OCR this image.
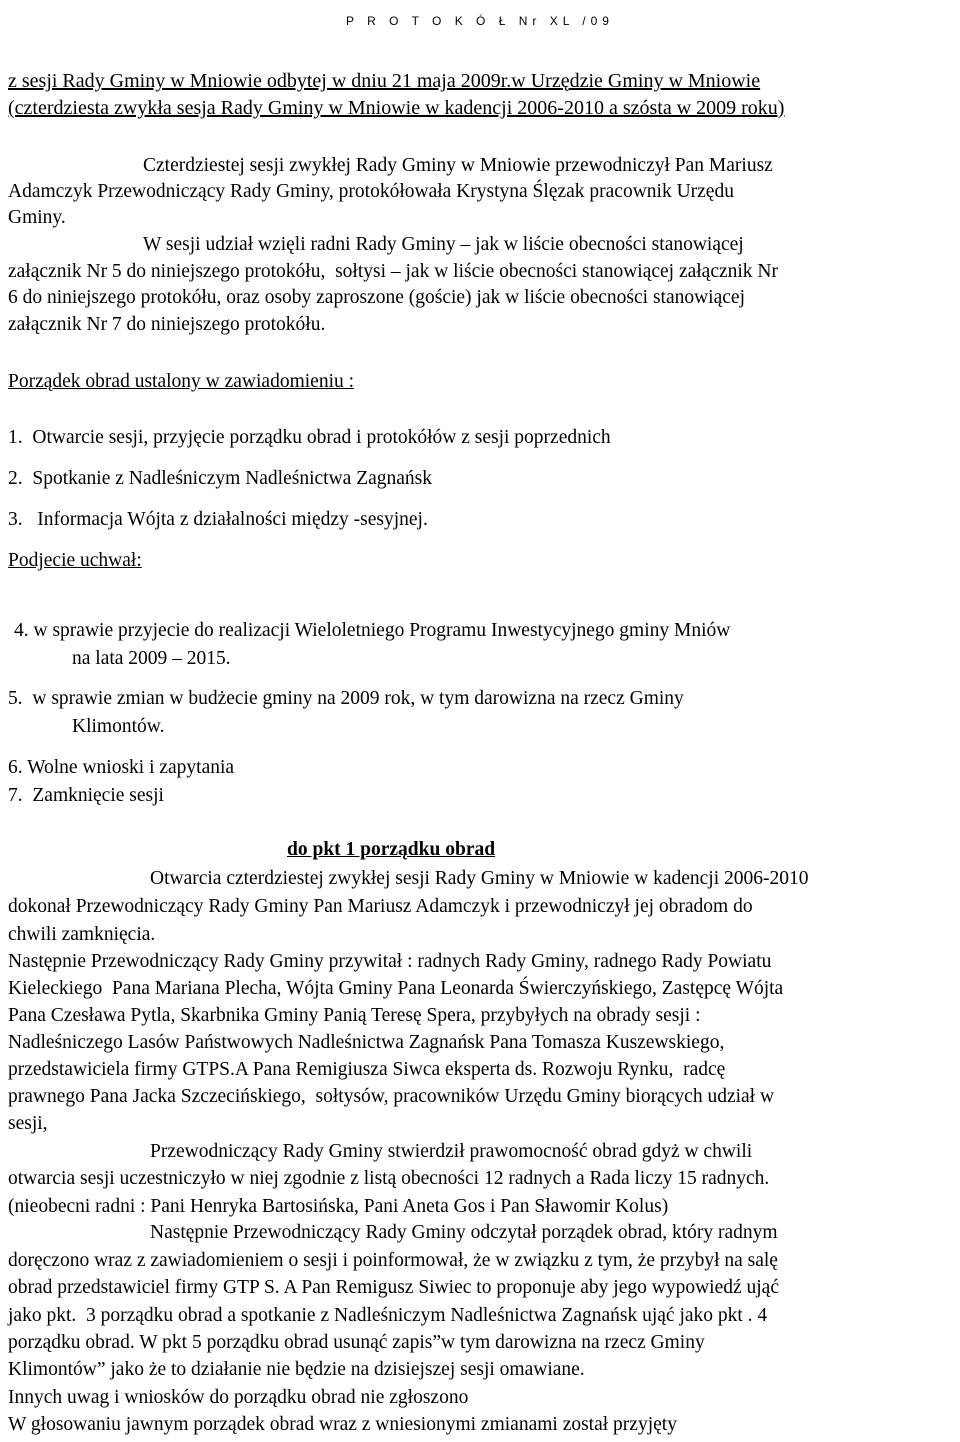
P R O T O K Ó Ł Nr XL /09
z sesji Rady Gminy w Mniowie odbytej w dniu 21 maja 2009r.w Urzędzie Gminy w Mniowie
(czterdziesta zwykła sesja Rady Gminy w Mniowie w kadencji 2006-2010 a szósta w 2009 roku)
Czterdziestej sesji zwykłej Rady Gminy w Mniowie przewodniczył Pan Mariusz
Adamczyk Przewodniczący Rady Gminy, protokółowała Krystyna Ślęzak pracownik Urzędu
Gminy.
W sesji udział wzięli radni Rady Gminy – jak w liście obecności stanowiącej
załącznik Nr 5 do niniejszego protokółu,  sołtysi – jak w liście obecności stanowiącej załącznik Nr
6 do niniejszego protokółu, oraz osoby zaproszone (goście) jak w liście obecności stanowiącej
załącznik Nr 7 do niniejszego protokółu.
Porządek obrad ustalony w zawiadomieniu :
1.  Otwarcie sesji, przyjęcie porządku obrad i protokółów z sesji poprzednich
2.  Spotkanie z Nadleśniczym Nadleśnictwa Zagnańsk
3.   Informacja Wójta z działalności między -sesyjnej.
Podjecie uchwał:
4. w sprawie przyjecie do realizacji Wieloletniego Programu Inwestycyjnego gminy Mniów
na lata 2009 – 2015.
5.  w sprawie zmian w budżecie gminy na 2009 rok, w tym darowizna na rzecz Gminy
Klimontów.
6. Wolne wnioski i zapytania
7.  Zamknięcie sesji
do pkt 1 porządku obrad
Otwarcia czterdziestej zwykłej sesji Rady Gminy w Mniowie w kadencji 2006-2010
dokonał Przewodniczący Rady Gminy Pan Mariusz Adamczyk i przewodniczył jej obradom do
chwili zamknięcia.
Następnie Przewodniczący Rady Gminy przywitał : radnych Rady Gminy, radnego Rady Powiatu
Kieleckiego  Pana Mariana Plecha, Wójta Gminy Pana Leonarda Świerczyńskiego, Zastępcę Wójta
Pana Czesława Pytla, Skarbnika Gminy Panią Teresę Spera, przybyłych na obrady sesji :
Nadleśniczego Lasów Państwowych Nadleśnictwa Zagnańsk Pana Tomasza Kuszewskiego,
przedstawiciela firmy GTPS.A Pana Remigiusza Siwca eksperta ds. Rozwoju Rynku,  radcę
prawnego Pana Jacka Szczecińskiego,  sołtysów, pracowników Urzędu Gminy biorących udział w
sesji,
Przewodniczący Rady Gminy stwierdził prawomocność obrad gdyż w chwili
otwarcia sesji uczestniczyło w niej zgodnie z listą obecności 12 radnych a Rada liczy 15 radnych.
(nieobecni radni : Pani Henryka Bartosińska, Pani Aneta Gos i Pan Sławomir Kolus)
Następnie Przewodniczący Rady Gminy odczytał porządek obrad, który radnym
doręczono wraz z zawiadomieniem o sesji i poinformował, że w związku z tym, że przybył na salę
obrad przedstawiciel firmy GTP S. A Pan Remigusz Siwiec to proponuje aby jego wypowiedź ująć
jako pkt.  3 porządku obrad a spotkanie z Nadleśniczym Nadleśnictwa Zagnańsk ująć jako pkt . 4
porządku obrad. W pkt 5 porządku obrad usunąć zapis”w tym darowizna na rzecz Gminy
Klimontów” jako że to działanie nie będzie na dzisiejszej sesji omawiane.
Innych uwag i wniosków do porządku obrad nie zgłoszono
W głosowaniu jawnym porządek obrad wraz z wniesionymi zmianami został przyjęty
